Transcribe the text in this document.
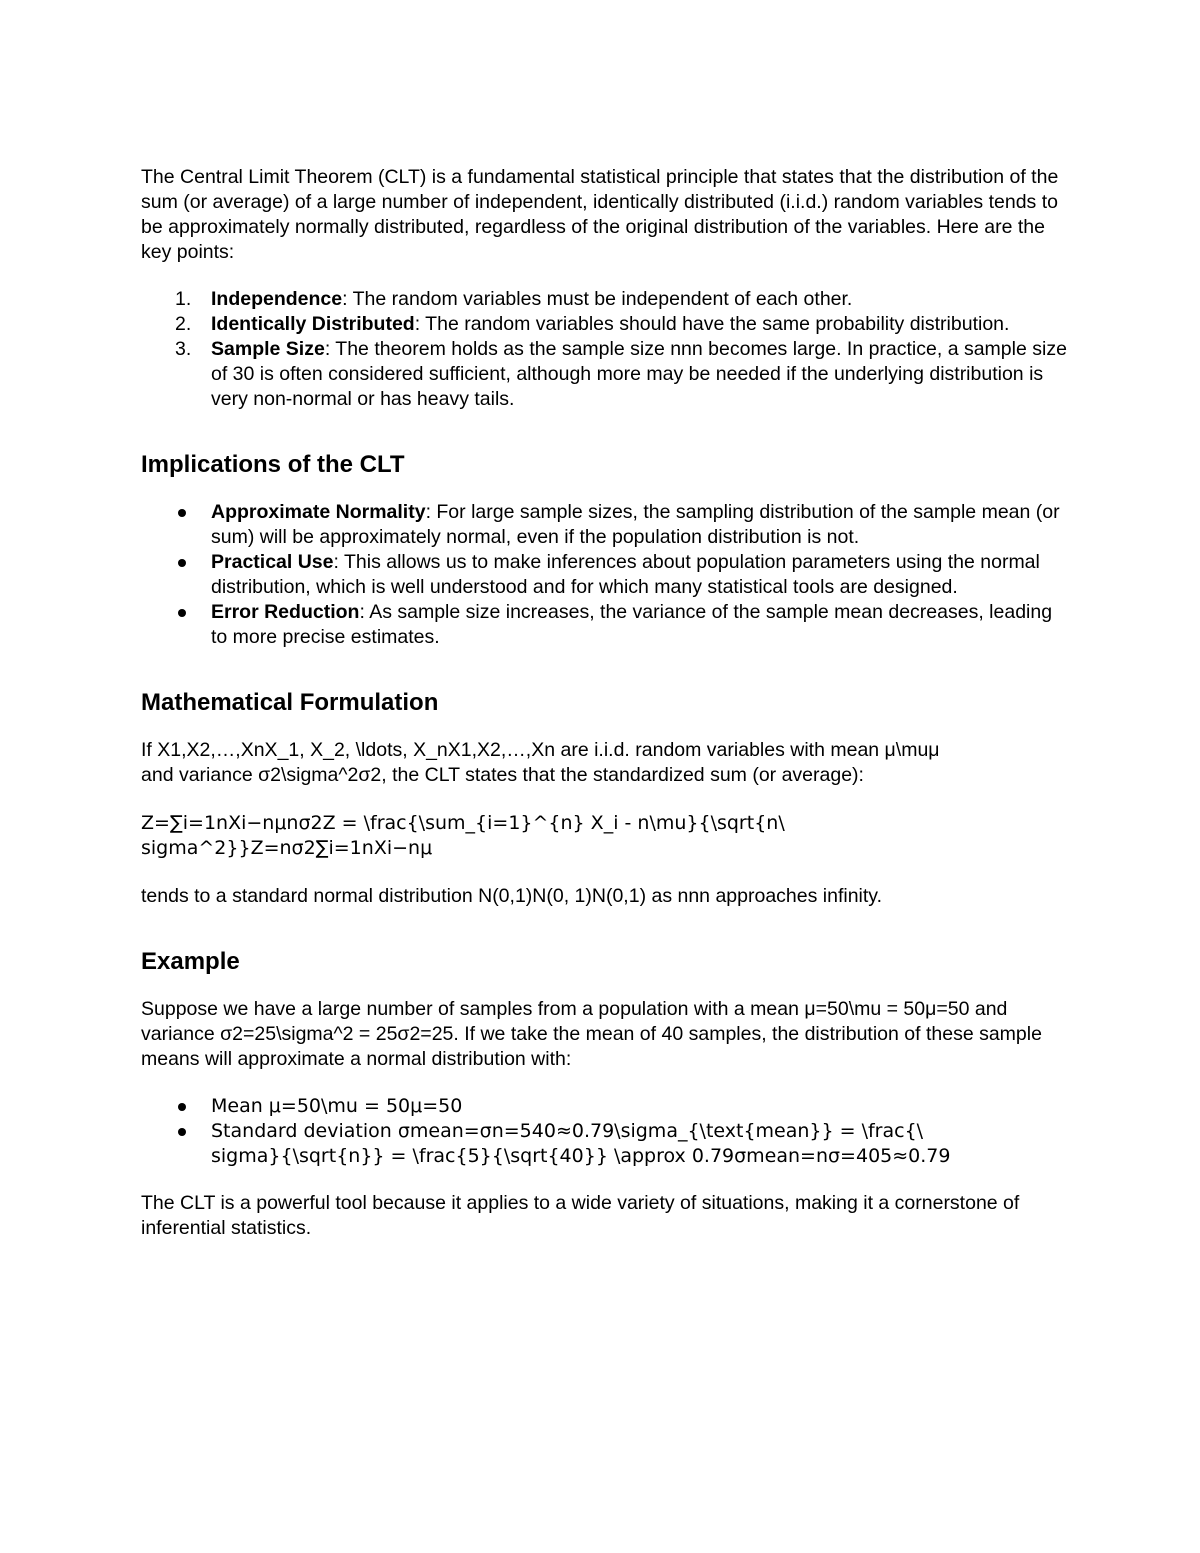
The Central Limit Theorem (CLT) is a fundamental statistical principle that states that the distribution of the sum (or average) of a large number of independent, identically distributed (i.i.d.) random variables tends to be approximately normally distributed, regardless of the original distribution of the variables. Here are the key points:

1. Independence: The random variables must be independent of each other.
2. Identically Distributed: The random variables should have the same probability distribution.
3. Sample Size: The theorem holds as the sample size nnn becomes large. In practice, a sample size of 30 is often considered sufficient, although more may be needed if the underlying distribution is very non-normal or has heavy tails.
Implications of the CLT
Approximate Normality: For large sample sizes, the sampling distribution of the sample mean (or sum) will be approximately normal, even if the population distribution is not.
Practical Use: This allows us to make inferences about population parameters using the normal distribution, which is well understood and for which many statistical tools are designed.
Error Reduction: As sample size increases, the variance of the sample mean decreases, leading to more precise estimates.
Mathematical Formulation

If X1,X2,…,XnX_1, X_2, \ldots, X_nX1,X2,…,Xn are i.i.d. random variables with mean μ\muμ
and variance σ2\sigma^2σ2, the CLT states that the standardized sum (or average):

Z=∑i=1nXi−nμnσ2Z = \frac{\sum_{i=1}^{n} X_i - n\mu}{\sqrt{n\
sigma^2}}Z=nσ2∑i=1nXi−nμ

tends to a standard normal distribution N(0,1)N(0, 1)N(0,1) as nnn approaches infinity.

Example

Suppose we have a large number of samples from a population with a mean μ=50\mu = 50μ=50 and variance σ2=25\sigma^2 = 25σ2=25. If we take the mean of 40 samples, the distribution of these sample means will approximate a normal distribution with:

Mean μ=50\mu = 50μ=50
Standard deviation σmean=σn=540≈0.79\sigma_{\text{mean}} = \frac{\
sigma}{\sqrt{n}} = \frac{5}{\sqrt{40}} \approx 0.79σmean=nσ=405≈0.79

The CLT is a powerful tool because it applies to a wide variety of situations, making it a cornerstone of inferential statistics.
